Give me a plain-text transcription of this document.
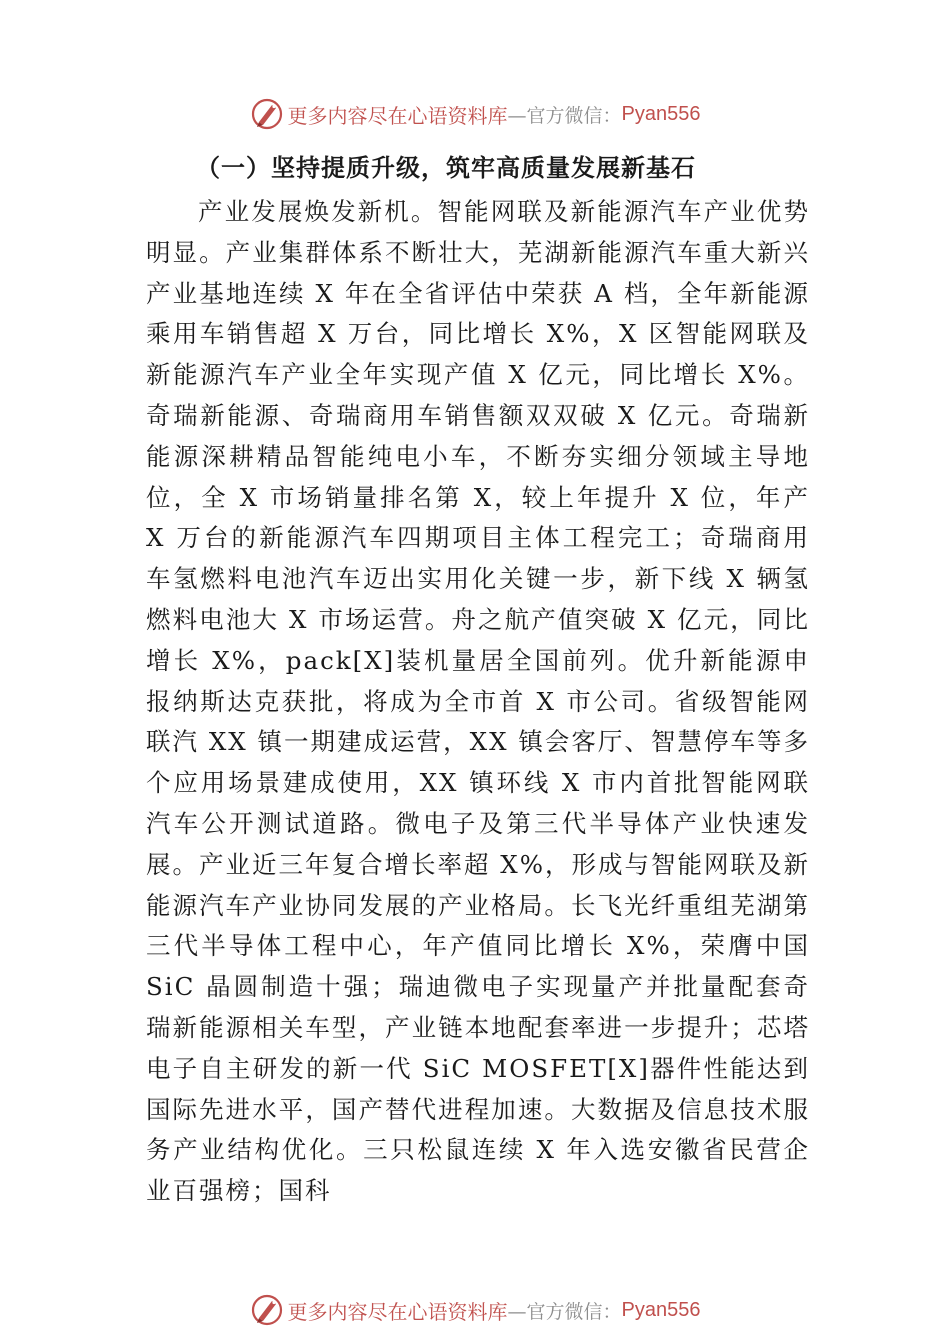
更多内容尽在心语资料库 —官方微信： Pyan556
（一）坚持提质升级，筑牢高质量发展新基石

产业发展焕发新机。智能网联及新能源汽车产业优势明显。产业集群体系不断壮大，芜湖新能源汽车重大新兴产业基地连续 X 年在全省评估中荣获 A 档，全年新能源乘用车销售超 X 万台，同比增长 X%，X 区智能网联及新能源汽车产业全年实现产值 X 亿元，同比增长 X%。奇瑞新能源、奇瑞商用车销售额双双破 X 亿元。奇瑞新能源深耕精品智能纯电小车，不断夯实细分领域主导地位，全 X 市场销量排名第 X，较上年提升 X 位，年产 X 万台的新能源汽车四期项目主体工程完工；奇瑞商用车氢燃料电池汽车迈出实用化关键一步，新下线 X 辆氢燃料电池大 X 市场运营。舟之航产值突破 X 亿元，同比增长 X%，pack[X]装机量居全国前列。优升新能源申报纳斯达克获批，将成为全市首 X 市公司。省级智能网联汽 XX 镇一期建成运营，XX 镇会客厅、智慧停车等多个应用场景建成使用，XX 镇环线 X 市内首批智能网联汽车公开测试道路。微电子及第三代半导体产业快速发展。产业近三年复合增长率超 X%，形成与智能网联及新能源汽车产业协同发展的产业格局。长飞光纤重组芜湖第三代半导体工程中心，年产值同比增长 X%，荣膺中国 SiC 晶圆制造十强；瑞迪微电子实现量产并批量配套奇瑞新能源相关车型，产业链本地配套率进一步提升；芯塔电子自主研发的新一代 SiC MOSFET[X]器件性能达到国际先进水平，国产替代进程加速。大数据及信息技术服务产业结构优化。三只松鼠连续 X 年入选安徽省民营企业百强榜；国科

更多内容尽在心语资料库 —官方微信： Pyan556
